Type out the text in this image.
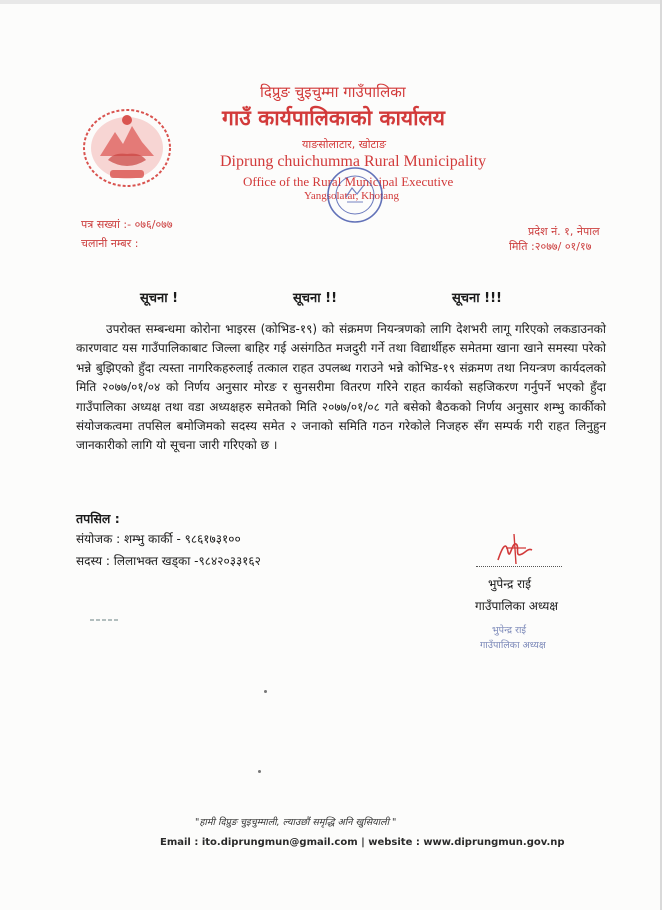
दिप्रुङ चुइचुम्मा गाउँपालिका
गाउँ कार्यपालिकाको कार्यालय
याङसोलाटार, खोटाङ
Diprung chuichumma Rural Municipality
Office of the Rural Municipal Executive
Yangsolatar, Khotang
पत्र सख्यां :- ०७६/०७७
चलानी नम्बर :
प्रदेश नं. १, नेपाल
मिति :२०७७/ ०१/१७
सूचना !	सूचना !!	सूचना !!!
उपरोक्त सम्बन्धमा कोरोना भाइरस (कोभिड-१९) को संक्रमण नियन्त्रणको लागि देशभरी लागू गरिएको लकडाउनको कारणवाट यस गाउँपालिकाबाट जिल्ला बाहिर गई असंगठित मजदुरी गर्ने तथा विद्यार्थीहरु समेतमा खाना खाने समस्या परेको भन्ने बुझिएको हुँदा त्यस्ता नागरिकहरुलाई तत्काल राहत उपलब्ध गराउने भन्ने कोभिड-१९ संक्रमण तथा नियन्त्रण कार्यदलको मिति २०७७/०१/०४ को निर्णय अनुसार मोरङ र सुनसरीमा वितरण गरिने राहत कार्यको सहजिकरण गर्नुपर्ने भएको हुँदा गाउँपालिका अध्यक्ष तथा वडा अध्यक्षहरु समेतको मिति २०७७/०१/०८ गते बसेको बैठकको निर्णय अनुसार शम्भु कार्कीको संयोजकत्वमा तपसिल बमोजिमको सदस्य समेत २ जनाको समिति गठन गरेकोले निजहरु सँग सम्पर्क गरी राहत लिनुहुन जानकारीको लागि यो सूचना जारी गरिएको छ ।
तपसिल :
संयोजक : शम्भु कार्की - ९८६१७३१००
सदस्य : लिलाभक्त खड्का -९८४२०३३१६२
भुपेन्द्र राई
गाउँपालिका अध्यक्ष
भुपेन्द्र राई
गाउँपालिका अध्यक्ष
"हामी दिप्रुङ चुइचुम्माली, ल्याउछौं समृद्धि अनि खुसियाली "
Email : ito.diprungmun@gmail.com | website : www.diprungmun.gov.np
